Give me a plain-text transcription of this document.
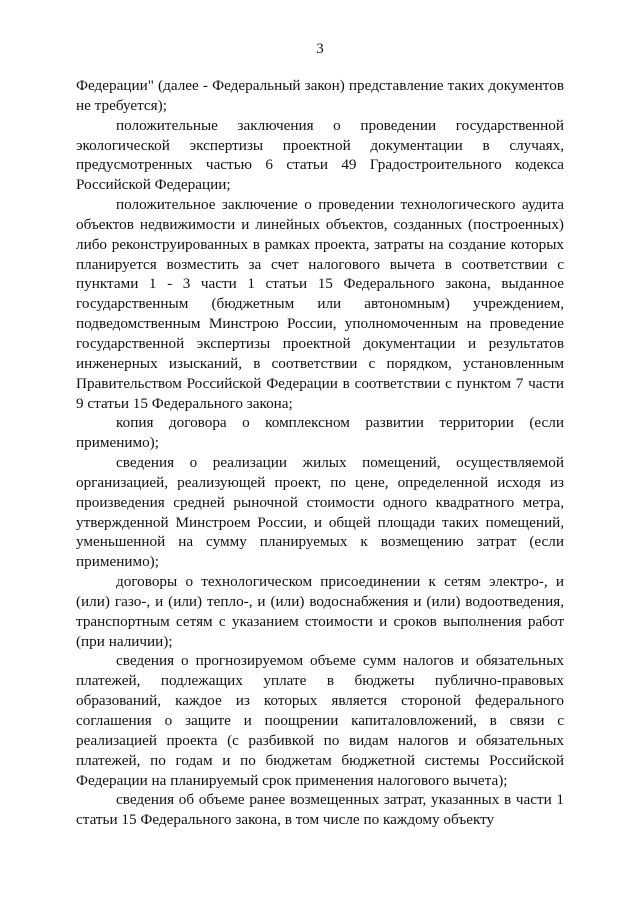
3

Федерации" (далее - Федеральный закон) представление таких документов не требуется);

положительные заключения о проведении государственной экологической экспертизы проектной документации в случаях, предусмотренных частью 6 статьи 49 Градостроительного кодекса Российской Федерации;

положительное заключение о проведении технологического аудита объектов недвижимости и линейных объектов, созданных (построенных) либо реконструированных в рамках проекта, затраты на создание которых планируется возместить за счет налогового вычета в соответствии с пунктами 1 - 3 части 1 статьи 15 Федерального закона, выданное государственным (бюджетным или автономным) учреждением, подведомственным Минстрою России, уполномоченным на проведение государственной экспертизы проектной документации и результатов инженерных изысканий, в соответствии с порядком, установленным Правительством Российской Федерации в соответствии с пунктом 7 части 9 статьи 15 Федерального закона;

копия договора о комплексном развитии территории (если применимо);

сведения о реализации жилых помещений, осуществляемой организацией, реализующей проект, по цене, определенной исходя из произведения средней рыночной стоимости одного квадратного метра, утвержденной Минстроем России, и общей площади таких помещений, уменьшенной на сумму планируемых к возмещению затрат (если применимо);

договоры о технологическом присоединении к сетям электро-, и (или) газо-, и (или) тепло-, и (или) водоснабжения и (или) водоотведения, транспортным сетям с указанием стоимости и сроков выполнения работ (при наличии);

сведения о прогнозируемом объеме сумм налогов и обязательных платежей, подлежащих уплате в бюджеты публично-правовых образований, каждое из которых является стороной федерального соглашения о защите и поощрении капиталовложений, в связи с реализацией проекта (с разбивкой по видам налогов и обязательных платежей, по годам и по бюджетам бюджетной системы Российской Федерации на планируемый срок применения налогового вычета);

сведения об объеме ранее возмещенных затрат, указанных в части 1 статьи 15 Федерального закона, в том числе по каждому объекту
